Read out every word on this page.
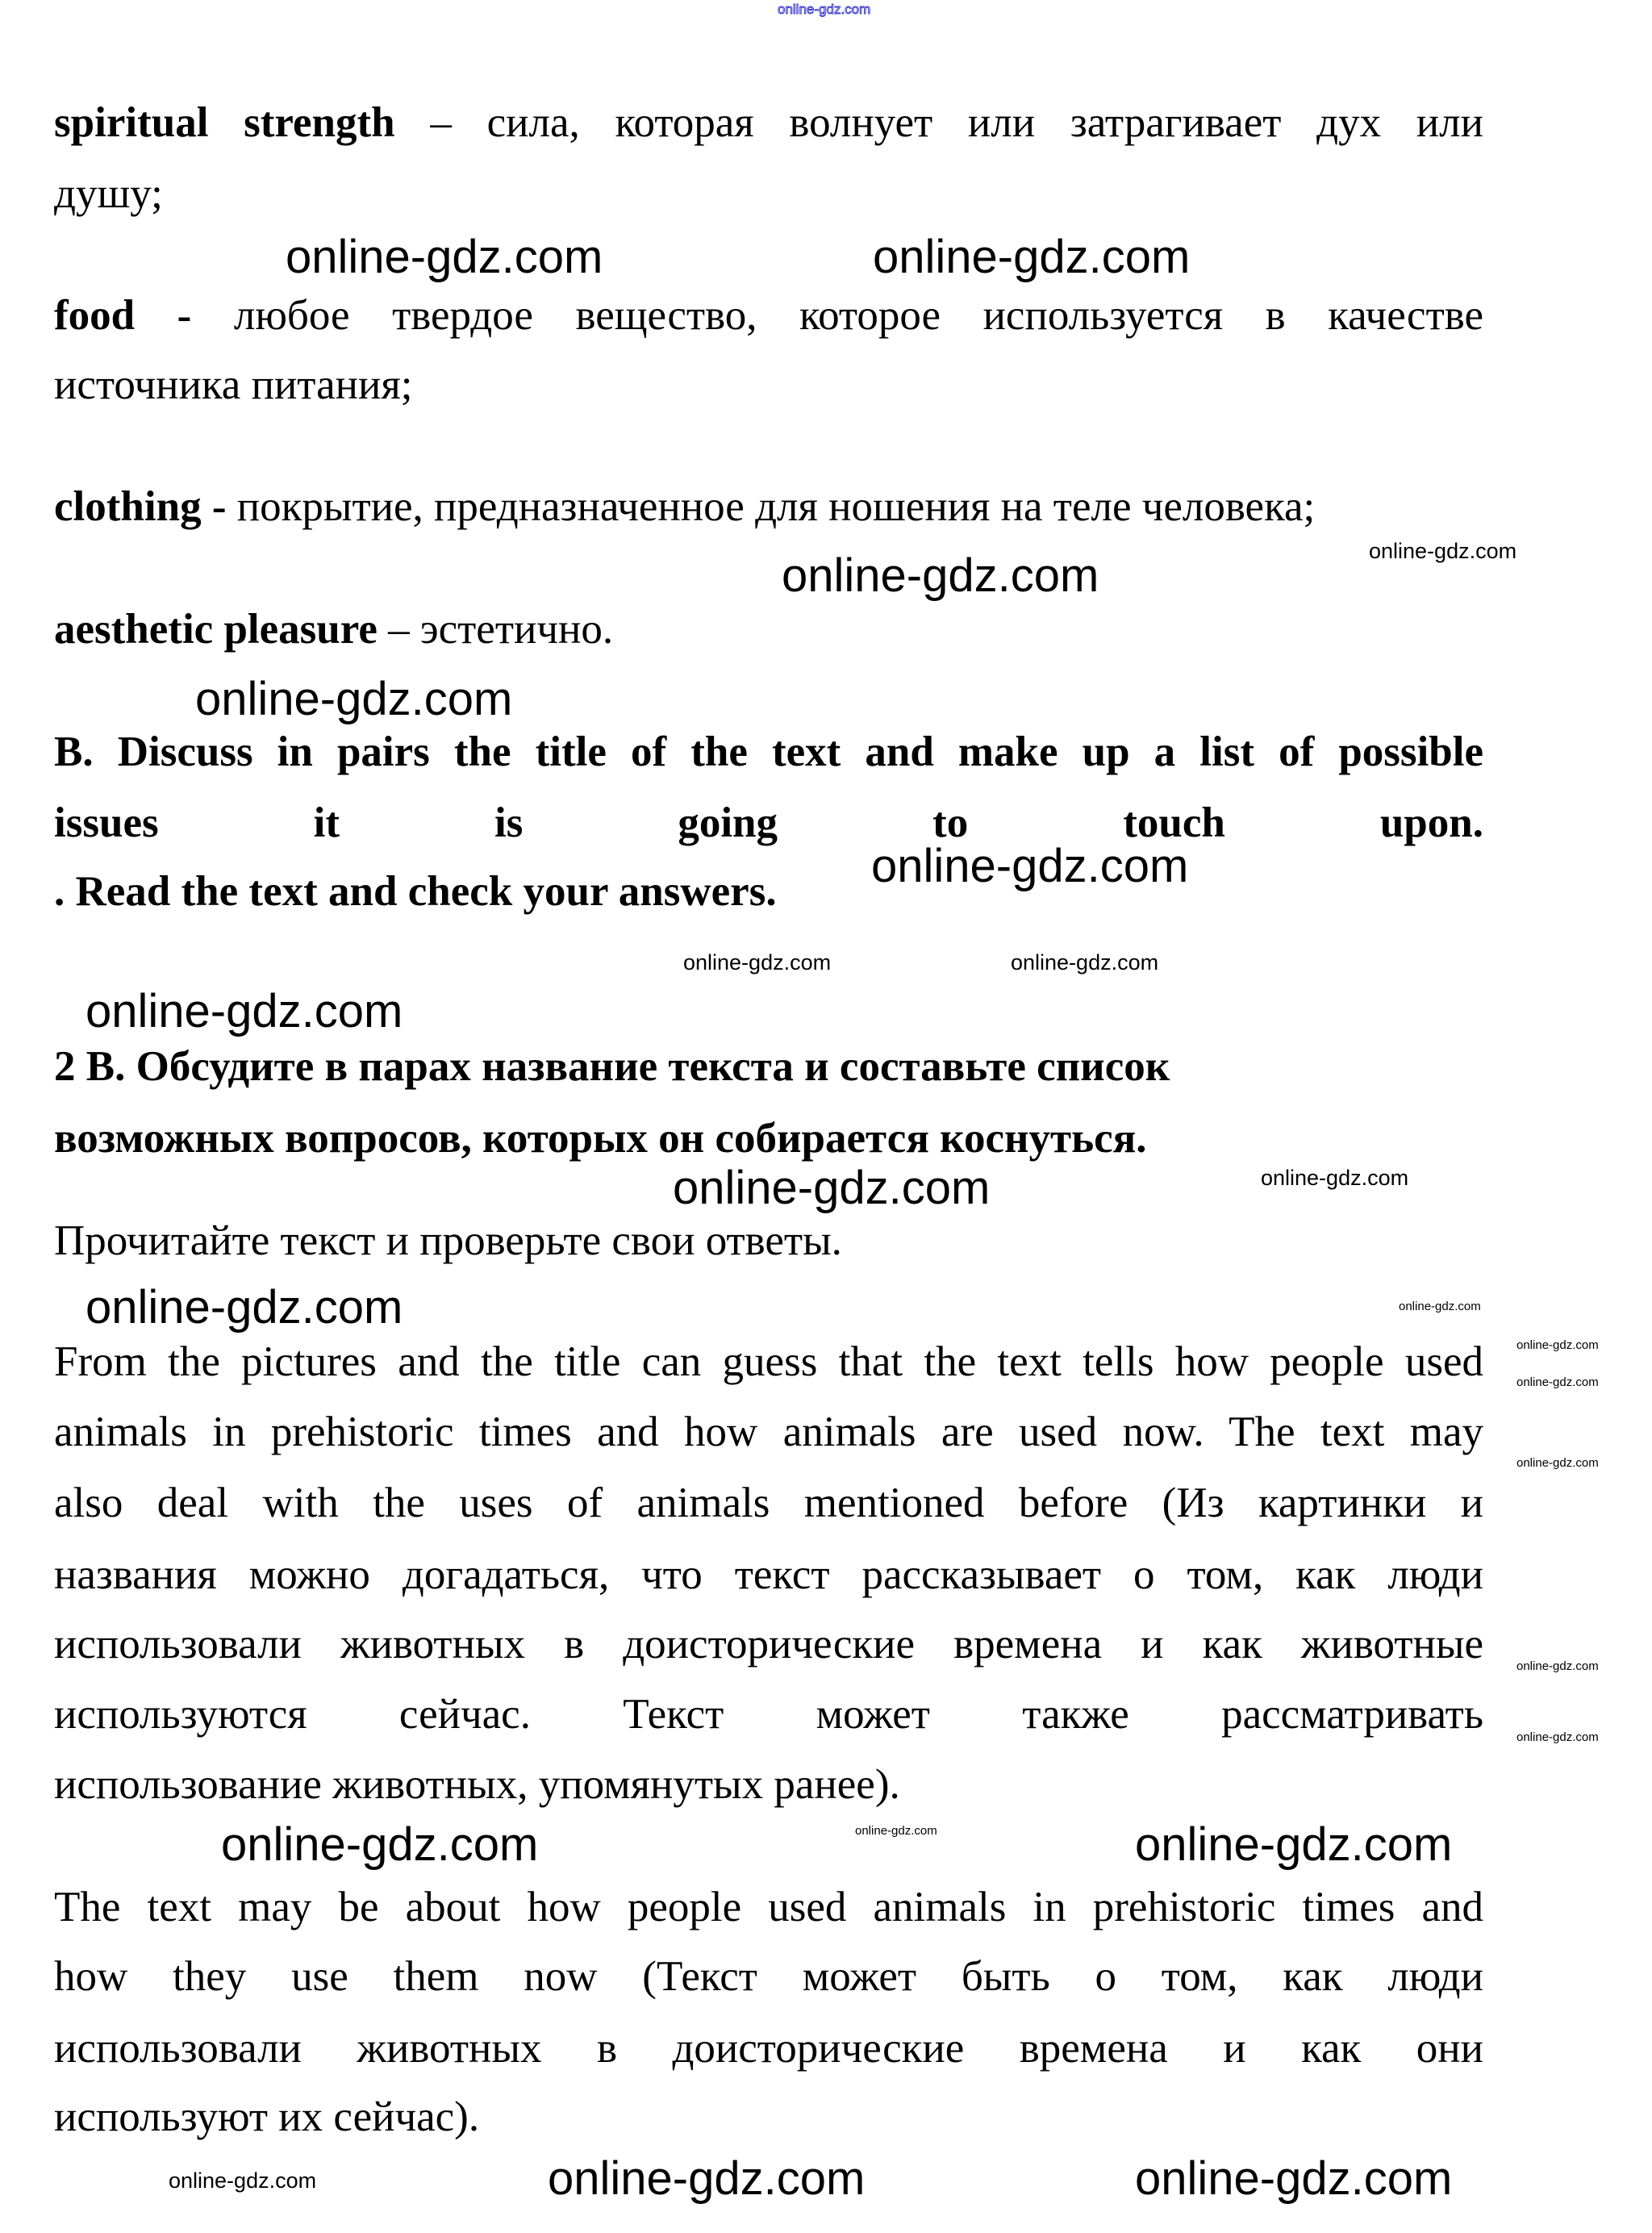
online-gdz.com
spiritual strength – сила, которая волнует или затрагивает дух или
душу;
food - любое твердое вещество, которое используется в качестве
источника питания;
clothing - покрытие, предназначенное для ношения на теле человека;
aesthetic pleasure – эстетично.
B. Discuss in pairs the title of the text and make up a list of possible
issues it is going to touch upon.
. Read the text and check your answers.
2 В. Обсудите в парах название текста и составьте список
возможных вопросов, которых он собирается коснуться.
Прочитайте текст и проверьте свои ответы.
From the pictures and the title can guess that the text tells how people used
animals in prehistoric times and how animals are used now. The text may
also deal with the uses of animals mentioned before (Из картинки и
названия можно догадаться, что текст рассказывает о том, как люди
использовали животных в доисторические времена и как животные
используются сейчас. Текст может также рассматривать
использование животных, упомянутых ранее).
The text may be about how people used animals in prehistoric times and
how they use them now (Текст может быть о том, как люди
использовали животных в доисторические времена и как они
используют их сейчас).
online-gdz.com	online-gdz.com
online-gdz.com
online-gdz.com
online-gdz.com
online-gdz.com
online-gdz.com
online-gdz.com
online-gdz.com
online-gdz.com	online-gdz.com
online-gdz.com
online-gdz.com	online-gdz.com
online-gdz.com
online-gdz.com
online-gdz.com
online-gdz.com	online-gdz.com
online-gdz.com
online-gdz.com	online-gdz.com	online-gdz.com
online-gdz.com
